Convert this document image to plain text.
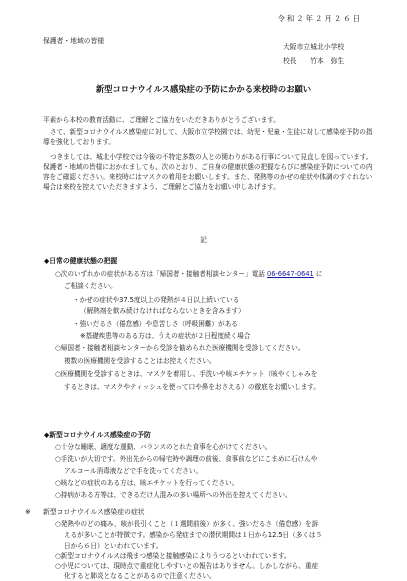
令和２年２月２６日
保護者・地域の皆様
大阪市立城北小学校
校長　　竹本　弥生
新型コロナウイルス感染症の予防にかかる来校時のお願い
平素から本校の教育活動に、ご理解とご協力をいただきありがとうございます。
さて、新型コロナウイルス感染症に対して、大阪市立学校園では、幼児・児童・生徒に対して感染症予防の指導を強化しております。
つきましては、城北小学校では今後の不特定多数の人との関わりがある行事について見直しを図っています。保護者・地域の皆様におかれましても、次のとおり、ご自身の健康状態の把握ならびに感染症予防についての内容をご確認ください。来校時にはマスクの着用をお願いします。また、発熱等のかぜの症状や体調のすぐれない場合は来校を控えていただきますよう、ご理解とご協力をお願い申しあげます。
記
◆日常の健康状態の把握
○次のいずれかの症状がある方は「帰国者・接触者相談センター」電話 06-6647-0641 に
ご相談ください。
・かぜの症状や37.5度以上の発熱が４日以上続いている
（解熱剤を飲み続けなければならないときを含みます）
・強いだるさ（倦怠感）や息苦しさ（呼吸困難）がある
※基礎疾患等のある方は、うえの症状が２日程度続く場合
○帰国者・接触者相談センターから受診を勧められた医療機関を受診してください。
複数の医療機関を受診することはお控えください。
○医療機関を受診するときは、マスクを着用し、手洗いや咳エチケット（咳やくしゃみを
するときは、マスクやティッシュを使って口や鼻をおさえる）の徹底をお願いします。
◆新型コロナウイルス感染症の予防
○十分な睡眠、適度な運動、バランスのとれた食事を心がけてください。
○手洗いが大切です。外出先からの帰宅時や調理の前後、食事前などにこまめに石けんや
アルコール消毒液などで手を洗ってください。
○咳などの症状のある方は、咳エチケットを行ってください。
○持病がある方等は、できるだけ人混みの多い場所への外出を控えてください。
※ 新型コロナウイルス感染症の症状
○発熱やのどの痛み、咳が長引くこと（１週間前後）が多く、強いだるさ（倦怠感）を訴
えるが多いことが特徴です。感染から発症までの潜伏期間は１日から12.5日（多くは５
日から６日）といわれています。
○新型コロナウイルスは飛まつ感染と接触感染によりうつるといわれています。
○小児については、現時点で重症化しやすいとの報告はありません。しかしながら、重症
化すると肺炎となることがあるので注意ください。
